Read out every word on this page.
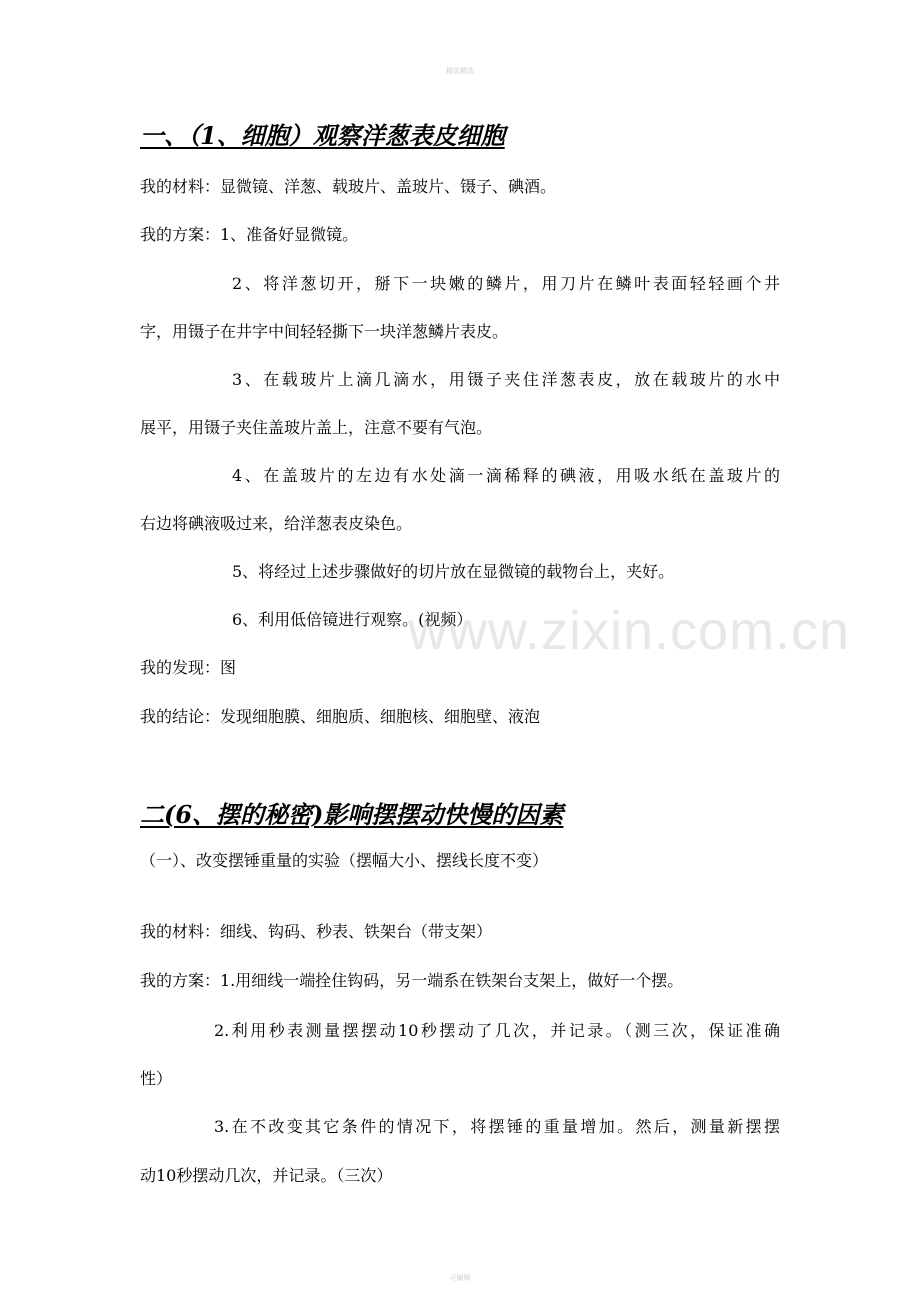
精选精选
www.zixin.com.cn
一、（1、细胞）观察洋葱表皮细胞
我的材料：显微镜、洋葱、载玻片、盖玻片、镊子、碘酒。
我的方案：1、准备好显微镜。
2、将洋葱切开，掰下一块嫩的鳞片，用刀片在鳞叶表面轻轻画个井
字，用镊子在井字中间轻轻撕下一块洋葱鳞片表皮。
3、在载玻片上滴几滴水，用镊子夹住洋葱表皮，放在载玻片的水中
展平，用镊子夹住盖玻片盖上，注意不要有气泡。
4、在盖玻片的左边有水处滴一滴稀释的碘液，用吸水纸在盖玻片的
右边将碘液吸过来，给洋葱表皮染色。
5、将经过上述步骤做好的切片放在显微镜的载物台上，夹好。
6、利用低倍镜进行观察。(视频）
我的发现：图
我的结论：发现细胞膜、细胞质、细胞核、细胞壁、液泡
二(6、摆的秘密)影响摆摆动快慢的因素
（一）、改变摆锤重量的实验（摆幅大小、摆线长度不变）
我的材料：细线、钩码、秒表、铁架台（带支架）
我的方案：1.用细线一端拴住钩码，另一端系在铁架台支架上，做好一个摆。
2.利用秒表测量摆摆动10秒摆动了几次，并记录。（测三次，保证准确
性）
3.在不改变其它条件的情况下，将摆锤的重量增加。然后，测量新摆摆
动10秒摆动几次，并记录。（三次）
可编辑
